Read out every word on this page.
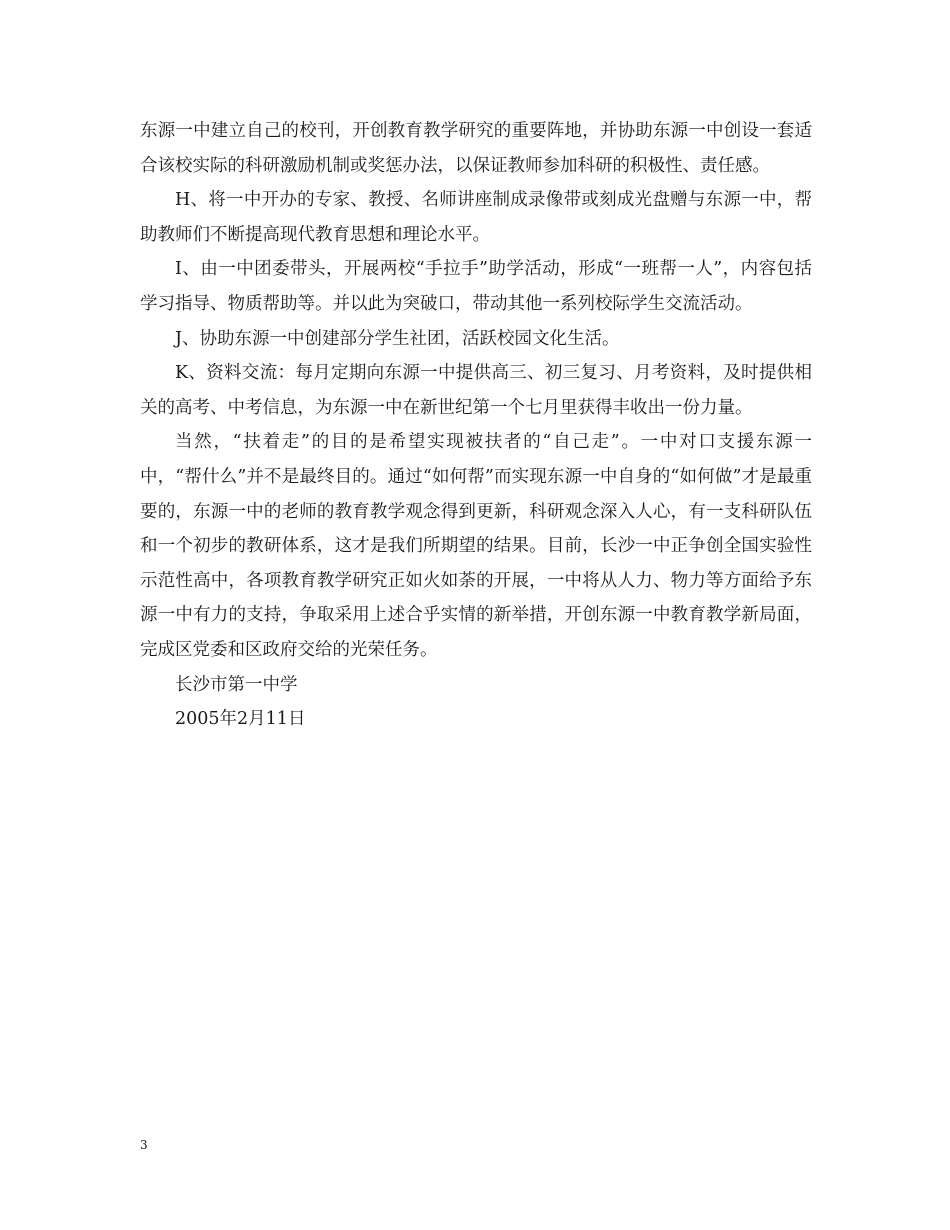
东源一中建立自己的校刊，开创教育教学研究的重要阵地，并协助东源一中创设一套适合该校实际的科研激励机制或奖惩办法，以保证教师参加科研的积极性、责任感。

H、将一中开办的专家、教授、名师讲座制成录像带或刻成光盘赠与东源一中，帮助教师们不断提高现代教育思想和理论水平。

I、由一中团委带头，开展两校“手拉手”助学活动，形成“一班帮一人”，内容包括学习指导、物质帮助等。并以此为突破口，带动其他一系列校际学生交流活动。

J、协助东源一中创建部分学生社团，活跃校园文化生活。

K、资料交流：每月定期向东源一中提供高三、初三复习、月考资料，及时提供相关的高考、中考信息，为东源一中在新世纪第一个七月里获得丰收出一份力量。

当然，“扶着走”的目的是希望实现被扶者的“自己走”。一中对口支援东源一中，“帮什么”并不是最终目的。通过“如何帮”而实现东源一中自身的“如何做”才是最重要的，东源一中的老师的教育教学观念得到更新，科研观念深入人心，有一支科研队伍和一个初步的教研体系，这才是我们所期望的结果。目前，长沙一中正争创全国实验性示范性高中，各项教育教学研究正如火如荼的开展，一中将从人力、物力等方面给予东源一中有力的支持，争取采用上述合乎实情的新举措，开创东源一中教育教学新局面，完成区党委和区政府交给的光荣任务。

长沙市第一中学

2005年2月11日

3
